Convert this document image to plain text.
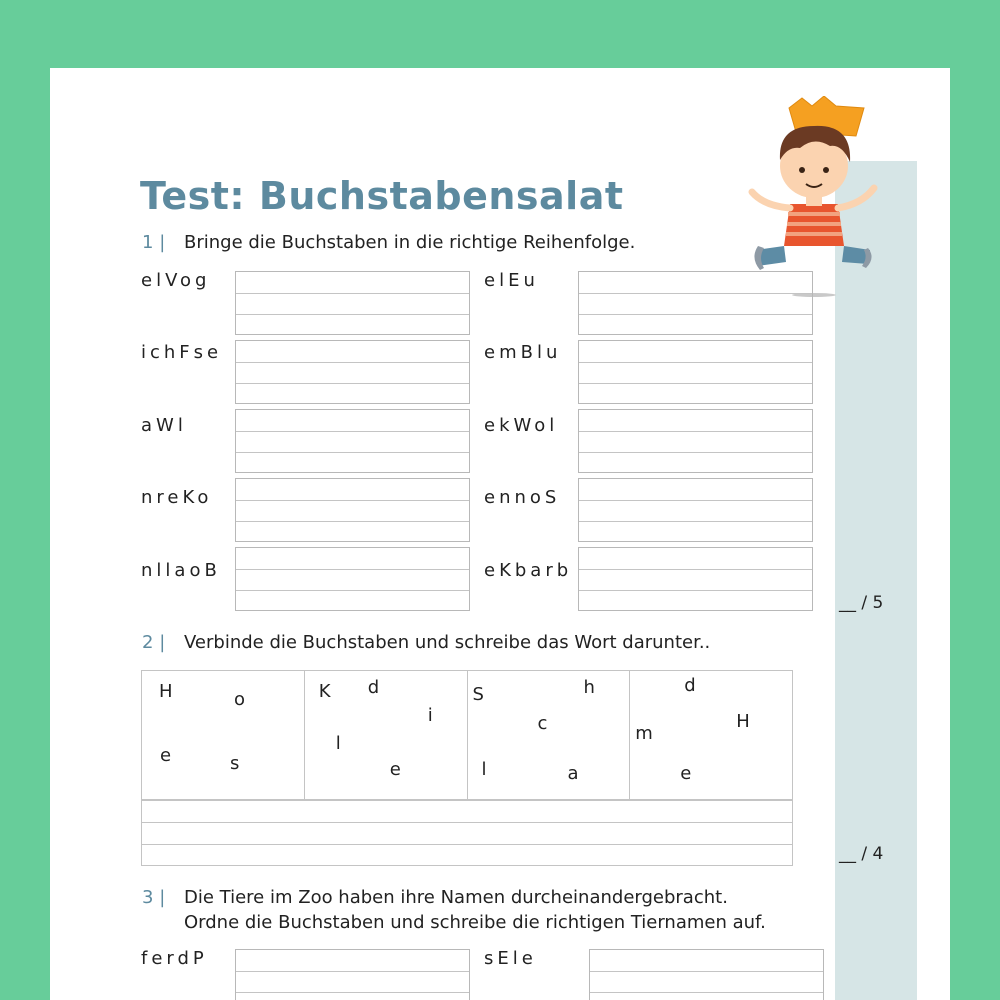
Test: Buchstabensalat
1 | Bringe die Buchstaben in die richtige Reihenfolge.
elVog	elEu
ichFse	emBlu
aWl	ekWol
nreKo	ennoS
nllaoB	eKbarb
__ / 5
2 | Verbinde die Buchstaben und schreibe das Wort darunter..
H	o
e	s
K d
i
l
e
S	h
c
l	a
d
H
m
e
__ / 4
3 | Die Tiere im Zoo haben ihre Namen durcheinandergebracht.
Ordne die Buchstaben und schreibe die richtigen Tiernamen auf.
ferdP	sEle
